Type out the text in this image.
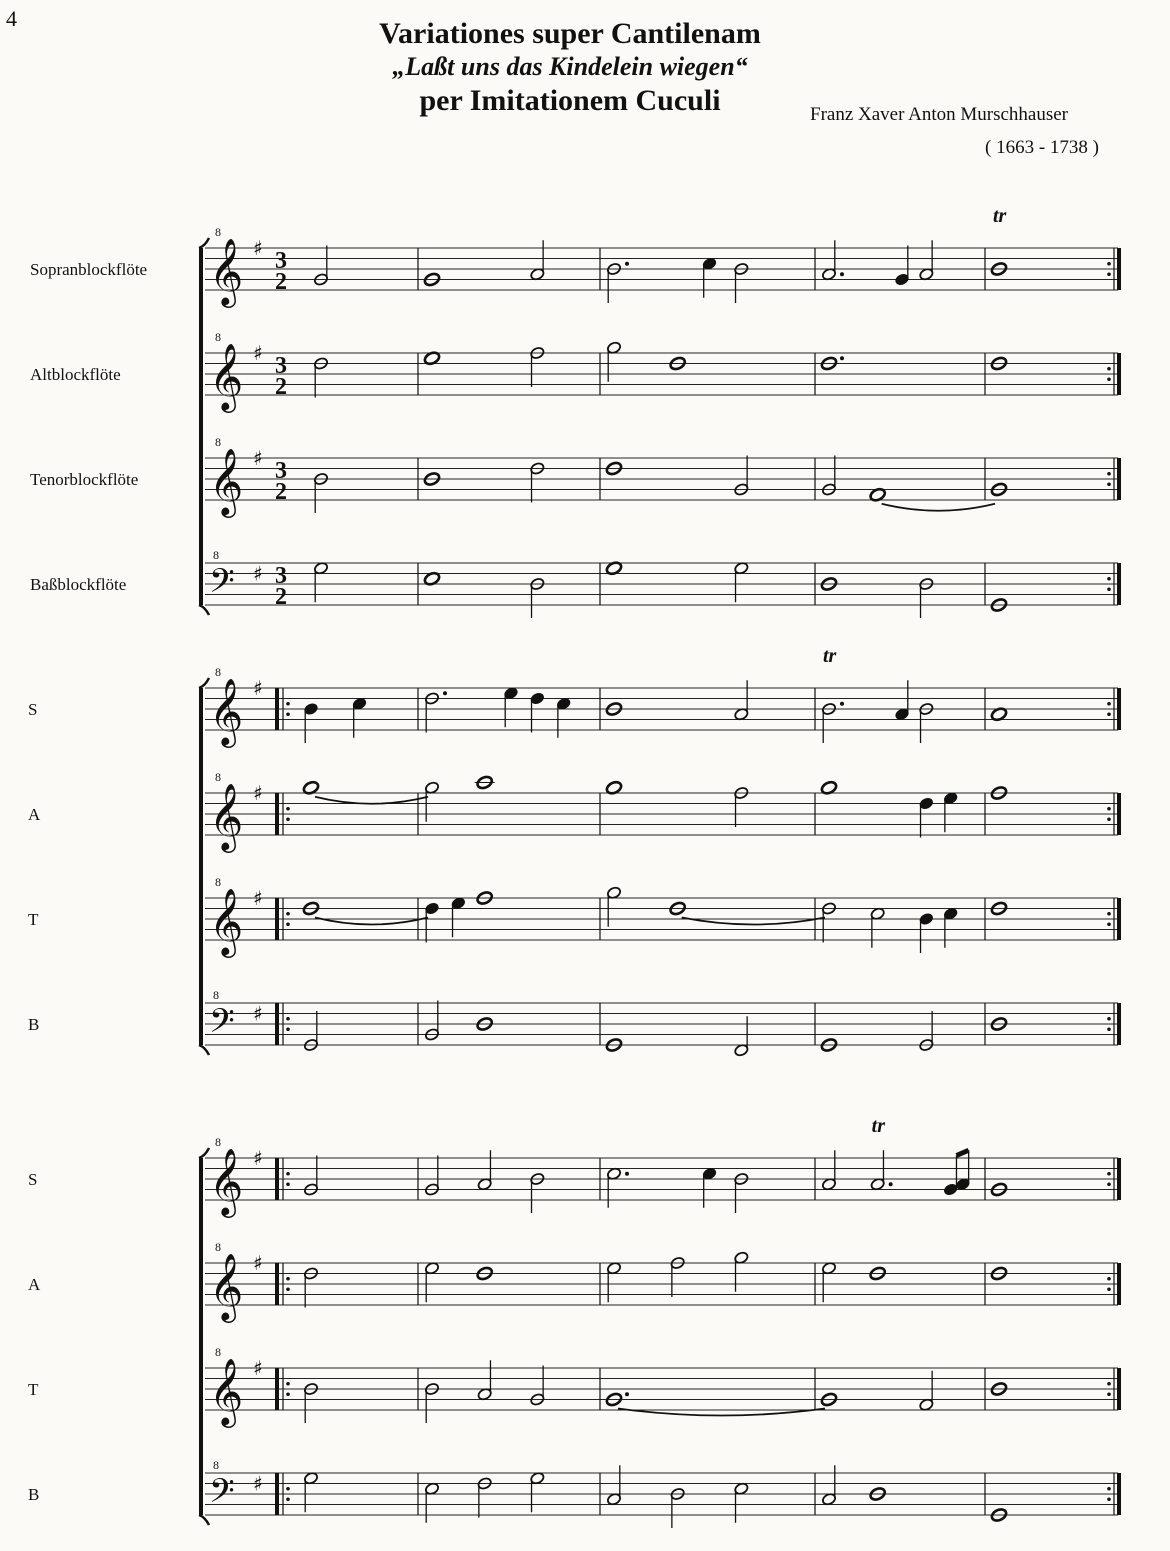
4	Variationes super Cantilenam

„Laßt uns das Kindelein wiegen“

per Imitationem Cuculi	Franz Xaver Anton Murschhauser
( 1663 - 1738 )
Sopranblockflöte 𝄞
8
♯ 3
2
tr
Altblockflöte 𝄞
8
♯ 3
2
Tenorblockflöte 𝄞
8
♯ 3
2
Baßblockflöte 𝄢
8
♯ 3
2
S	𝄞
8
♯
tr
A	𝄞
8
♯
T	𝄞
8
♯
B	𝄢
8
♯
S	𝄞
8
♯
tr
A	𝄞
8
♯
T	𝄞
8
♯
B	𝄢
8
♯
